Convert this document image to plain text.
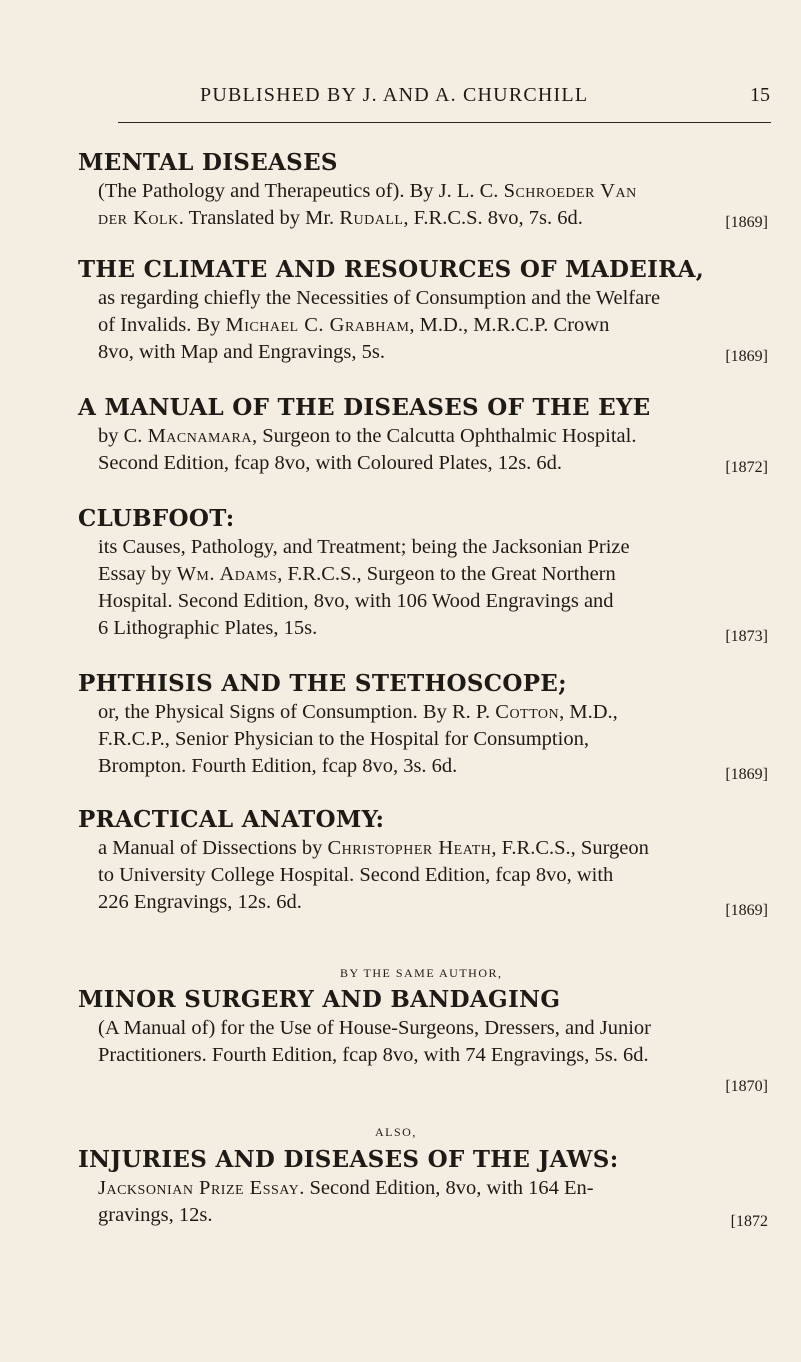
PUBLISHED BY J. AND A. CHURCHILL	15
MENTAL DISEASES
(The Pathology and Therapeutics of). By J. L. C. Schroeder Van
der Kolk. Translated by Mr. Rudall, F.R.C.S. 8vo, 7s. 6d.	[1869]
THE CLIMATE AND RESOURCES OF MADEIRA,
as regarding chiefly the Necessities of Consumption and the Welfare
of Invalids. By Michael C. Grabham, M.D., M.R.C.P. Crown
8vo, with Map and Engravings, 5s.	[1869]
A MANUAL OF THE DISEASES OF THE EYE
by C. Macnamara, Surgeon to the Calcutta Ophthalmic Hospital.
Second Edition, fcap 8vo, with Coloured Plates, 12s. 6d.	[1872]
CLUBFOOT:
its Causes, Pathology, and Treatment; being the Jacksonian Prize
Essay by Wm. Adams, F.R.C.S., Surgeon to the Great Northern
Hospital. Second Edition, 8vo, with 106 Wood Engravings and
6 Lithographic Plates, 15s.	[1873]
PHTHISIS AND THE STETHOSCOPE;
or, the Physical Signs of Consumption. By R. P. Cotton, M.D.,
F.R.C.P., Senior Physician to the Hospital for Consumption,
Brompton. Fourth Edition, fcap 8vo, 3s. 6d.	[1869]
PRACTICAL ANATOMY:
a Manual of Dissections by Christopher Heath, F.R.C.S., Surgeon
to University College Hospital. Second Edition, fcap 8vo, with
226 Engravings, 12s. 6d.	[1869]
BY THE SAME AUTHOR,
MINOR SURGERY AND BANDAGING
(A Manual of) for the Use of House-Surgeons, Dressers, and Junior
Practitioners. Fourth Edition, fcap 8vo, with 74 Engravings, 5s. 6d.
[1870]
ALSO,
INJURIES AND DISEASES OF THE JAWS:
Jacksonian Prize Essay. Second Edition, 8vo, with 164 En-
gravings, 12s.	[1872
